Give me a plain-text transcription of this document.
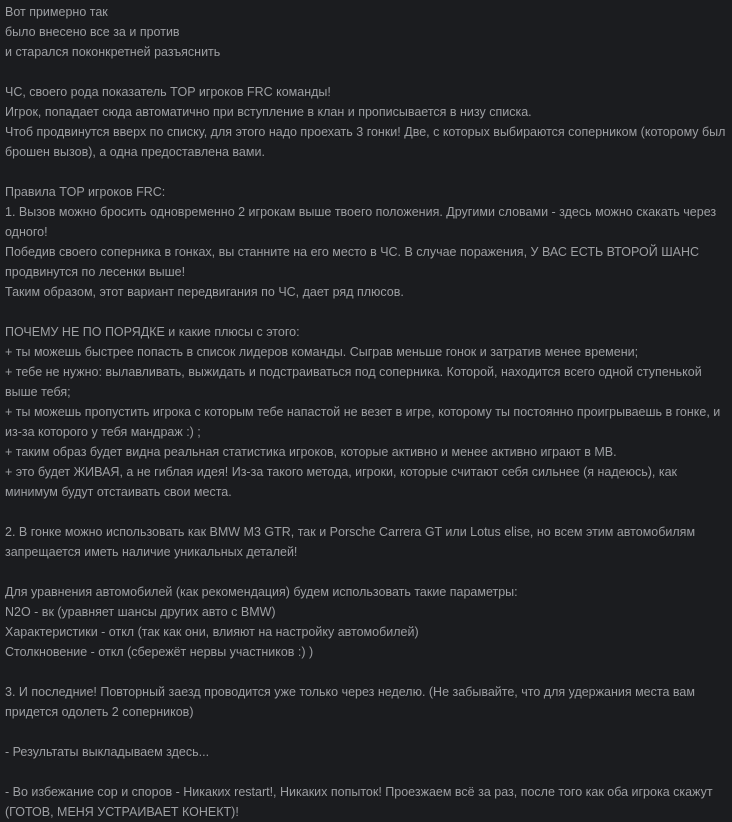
Вот примерно так
было внесено все за и против
и старался поконкретней разъяснить
ЧС, своего рода показатель TOP игроков FRC команды!
Игрок, попадает сюда автоматично при вступление в клан и прописывается в низу списка.
Чтоб продвинутся вверх по списку, для этого надо проехать 3 гонки! Две, с которых выбираются соперником (которому был брошен вызов), а одна предоставлена вами.
Правила TOP игроков FRC:
1. Вызов можно бросить одновременно 2 игрокам выше твоего положения. Другими словами - здесь можно скакать через одного!
Победив своего соперника в гонках, вы станните на его место в ЧС. В случае поражения, У ВАС ЕСТЬ ВТОРОЙ ШАНС продвинутся по лесенки выше!
Таким образом, этот вариант передвигания по ЧС, дает ряд плюсов.
ПОЧЕМУ НЕ ПО ПОРЯДКЕ и какие плюсы с этого:
+ ты можешь быстрее попасть в список лидеров команды. Сыграв меньше гонок и затратив менее времени;
+ тебе не нужно: вылавливать, выжидать и подстраиваться под соперника. Которой, находится всего одной ступенькой выше тебя;
+ ты можешь пропустить игрока с которым тебе напастой не везет в игре, которому ты постоянно проигрываешь в гонке, и из-за которого у тебя мандраж :) ;
+ таким образ будет видна реальная статистика игроков, которые активно и менее активно играют в MB.
+ это будет ЖИВАЯ, а не гиблая идея! Из-за такого метода, игроки, которые считают себя сильнее (я надеюсь), как минимум будут отстаивать свои места.
2. В гонке можно использовать как BMW M3 GTR, так и Porsche Carrera GT или Lotus elise, но всем этим автомобилям запрещается иметь наличие уникальных деталей!
Для уравнения автомобилей (как рекомендация) будем использовать такие параметры:
N2O - вк (уравняет шансы других авто с BMW)
Характеристики - откл (так как они, влияют на настройку автомобилей)
Столкновение - откл (сбережёт нервы участников :) )
3. И последние! Повторный заезд проводится уже только через неделю. (Не забывайте, что для удержания места вам придется одолеть 2 соперников)
- Результаты выкладываем здесь...
- Во избежание сор и споров - Никаких restart!, Никаких попыток! Проезжаем всё за раз, после того как оба игрока скажут (ГОТОВ, МЕНЯ УСТРАИВАЕТ КОНЕКТ)!
